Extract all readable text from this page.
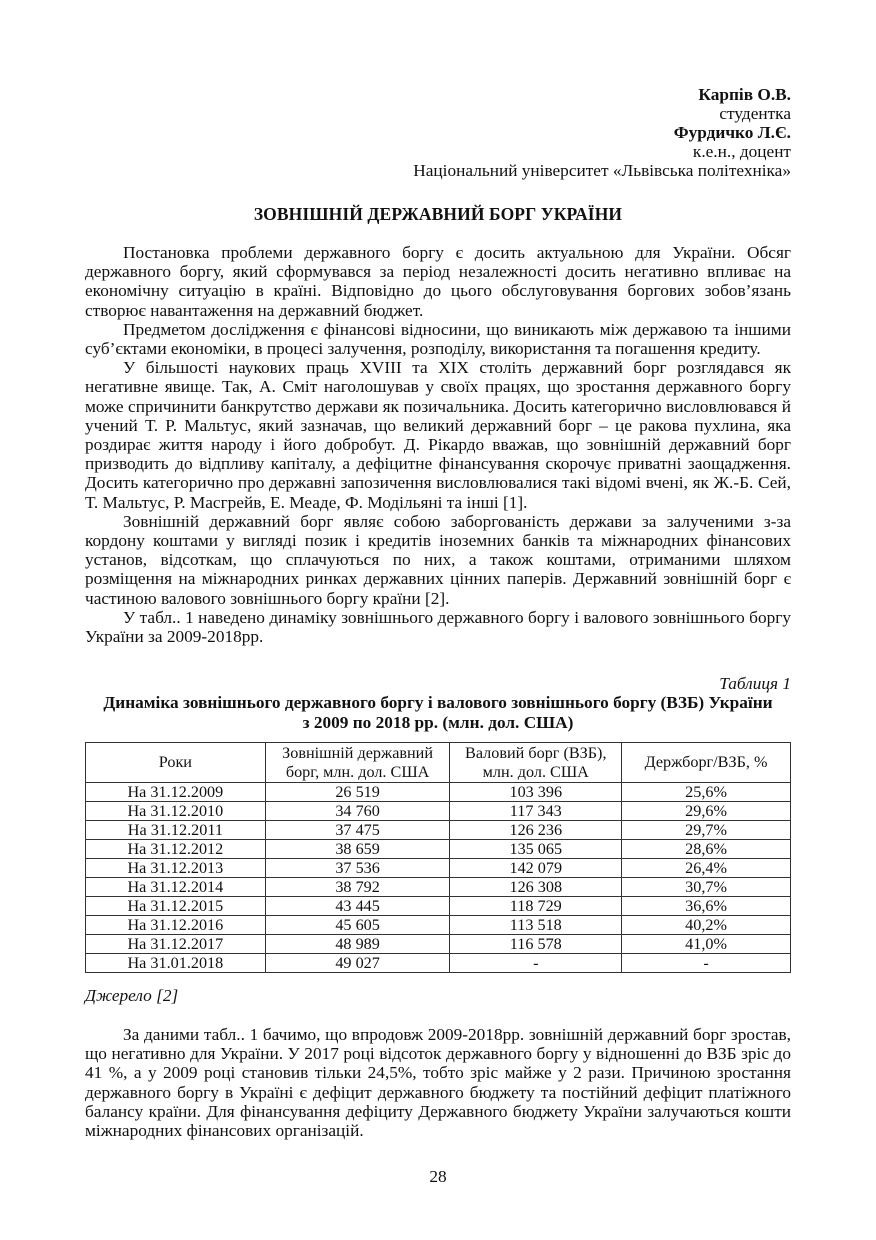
Карпів О.В.
студентка
Фурдичко Л.Є.
к.е.н., доцент
Національний університет «Львівська політехніка»
ЗОВНІШНІЙ ДЕРЖАВНИЙ БОРГ УКРАЇНИ

Постановка проблеми державного боргу є досить актуальною для України. Обсяг державного боргу, який сформувався за період незалежності досить негативно впливає на економічну ситуацію в країні. Відповідно до цього обслуговування боргових зобов’язань створює навантаження на державний бюджет.

Предметом дослідження є фінансові відносини, що виникають між державою та іншими суб’єктами економіки, в процесі залучення, розподілу, використання та погашення кредиту.

У більшості наукових праць XVIII та XIX століть державний борг розглядався як негативне явище. Так, А. Сміт наголошував у своїх працях, що зростання державного боргу може спричинити банкрутство держави як позичальника. Досить категорично висловлювався й учений Т. Р. Мальтус, який зазначав, що великий державний борг – це ракова пухлина, яка роздирає життя народу і його добробут. Д. Рікардо вважав, що зовнішній державний борг призводить до відпливу капіталу, а дефіцитне фінансування скорочує приватні заощадження. Досить категорично про державні запозичення висловлювалися такі відомі вчені, як Ж.-Б. Сей, Т. Мальтус, Р. Масгрейв, Е. Меаде, Ф. Модільяні та інші [1].

Зовнішній державний борг являє собою заборгованість держави за залученими з-за кордону коштами у вигляді позик і кредитів іноземних банків та міжнародних фінансових установ, відсоткам, що сплачуються по них, а також коштами, отриманими шляхом розміщення на міжнародних ринках державних цінних паперів. Державний зовнішній борг є частиною валового зовнішнього боргу країни [2].

У табл.. 1 наведено динаміку зовнішнього державного боргу і валового зовнішнього боргу України за 2009-2018рр.

Таблиця 1
Динаміка зовнішнього державного боргу і валового зовнішнього боргу (ВЗБ) України
з 2009 по 2018 рр. (млн. дол. США)
Роки	Зовнішній державний борг, млн. дол. США	Валовий борг (ВЗБ), млн. дол. США	Держборг/ВЗБ, %
На 31.12.2009	26 519	103 396	25,6%
На 31.12.2010	34 760	117 343	29,6%
На 31.12.2011	37 475	126 236	29,7%
На 31.12.2012	38 659	135 065	28,6%
На 31.12.2013	37 536	142 079	26,4%
На 31.12.2014	38 792	126 308	30,7%
На 31.12.2015	43 445	118 729	36,6%
На 31.12.2016	45 605	113 518	40,2%
На 31.12.2017	48 989	116 578	41,0%
На 31.01.2018	49 027	-	-
Джерело [2]

За даними табл.. 1 бачимо, що впродовж 2009-2018рр. зовнішній державний борг зростав, що негативно для України. У 2017 році відсоток державного боргу у відношенні до ВЗБ зріс до 41 %, а у 2009 році становив тільки 24,5%, тобто зріс майже у 2 рази. Причиною зростання державного боргу в Україні є дефіцит державного бюджету та постійний дефіцит платіжного балансу країни. Для фінансування дефіциту Державного бюджету України залучаються кошти міжнародних фінансових організацій.

28
